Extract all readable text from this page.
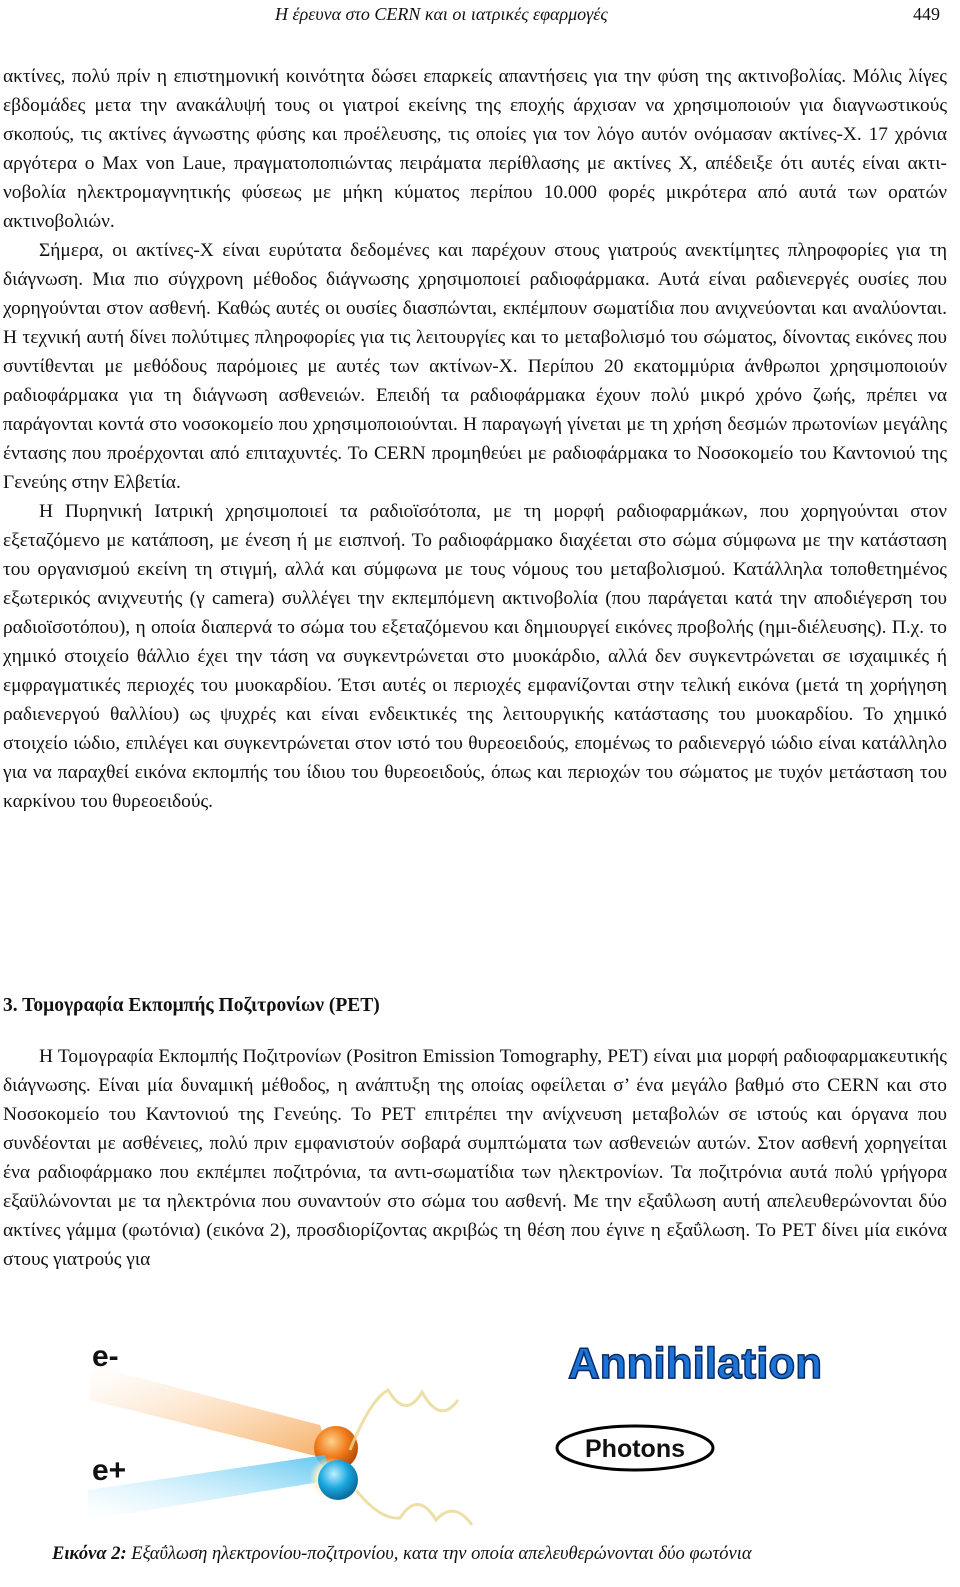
Η έρευνα στο CERN και οι ιατρικές εφαρμογές	449

ακτίνες, πολύ πρίν η επιστημονική κοινότητα δώσει επαρκείς απαντήσεις για την φύση της ακτινοβολίας. Μόλις λίγες εβδομάδες μετα την ανακάλυψή τους οι γιατροί εκείνης της εποχής άρχισαν να χρησιμοποιούν για διαγνωστικούς σκοπούς, τις ακτίνες άγνωστης φύσης και προέλευσης, τις οποίες για τον λόγο αυτόν ονόμασαν ακτίνες-Χ. 17 χρόνια αργότερα ο Max von Laue, πραγματοποπιώντας πειράματα περίθλασης με ακτίνες Χ, απέδειξε ότι αυτές είναι ακτινοβολία ηλεκτρομαγνητικής φύσεως με μήκη κύματος περίπου 10.000 φορές μικρότερα από αυτά των ορατών ακτινοβολιών.

Σήμερα, οι ακτίνες-Χ είναι ευρύτατα δεδομένες και παρέχουν στους γιατρούς ανεκτίμητες πληροφορίες για τη διάγνωση. Μια πιο σύγχρονη μέθοδος διάγνωσης χρησιμοποιεί ραδιοφάρμακα. Αυτά είναι ραδιενεργές ουσίες που χορηγούνται στον ασθενή. Καθώς αυτές οι ουσίες διασπώνται, εκπέμπουν σωματίδια που ανιχνεύονται και αναλύονται. Η τεχνική αυτή δίνει πολύτιμες πληροφορίες για τις λειτουργίες και το μεταβολισμό του σώματος, δίνοντας εικόνες που συντίθενται με μεθόδους παρόμοιες με αυτές των ακτίνων-Χ. Περίπου 20 εκατομμύρια άνθρωποι χρησιμοποιούν ραδιοφάρμακα για τη διάγνωση ασθενειών. Επειδή τα ραδιοφάρμακα έχουν πολύ μικρό χρόνο ζωής, πρέπει να παράγονται κοντά στο νοσοκομείο που χρησιμοποιούνται. Η παραγωγή γίνεται με τη χρήση δεσμών πρωτονίων μεγάλης έντασης που προέρχονται από επιταχυντές. Το CERN προμηθεύει με ραδιοφάρμακα το Νοσοκομείο του Καντονιού της Γενεύης στην Ελβετία.

Η Πυρηνική Ιατρική χρησιμοποιεί τα ραδιοϊσότοπα, με τη μορφή ραδιοφαρμάκων, που χορηγούνται στον εξεταζόμενο με κατάποση, με ένεση ή με εισπνοή. Το ραδιοφάρμακο διαχέεται στο σώμα σύμφωνα με την κατάσταση του οργανισμού εκείνη τη στιγμή, αλλά και σύμφωνα με τους νόμους του μεταβολισμού. Κατάλληλα τοποθετημένος εξωτερικός ανιχνευτής (γ camera) συλλέγει την εκπεμπόμενη ακτινοβολία (που παράγεται κατά την αποδιέγερση του ραδιοϊσοτόπου), η οποία διαπερνά το σώμα του εξεταζόμενου και δημιουργεί εικόνες προβολής (ημι-διέλευσης). Π.χ. το χημικό στοιχείο θάλλιο έχει την τάση να συγκεντρώνεται στο μυοκάρδιο, αλλά δεν συγκεντρώνεται σε ισχαιμικές ή εμφραγματικές περιοχές του μυοκαρδίου. Έτσι αυτές οι περιοχές εμφανίζονται στην τελική εικόνα (μετά τη χορήγηση ραδιενεργού θαλλίου) ως ψυχρές και είναι ενδεικτικές της λειτουργικής κατάστασης του μυοκαρδίου. Το χημικό στοιχείο ιώδιο, επιλέγει και συγκεντρώνεται στον ιστό του θυρεοειδούς, επομένως το ραδιενεργό ιώδιο είναι κατάλληλο για να παραχθεί εικόνα εκπομπής του ίδιου του θυρεοειδούς, όπως και περιοχών του σώματος με τυχόν μετάσταση του καρκίνου του θυρεοειδούς.

3. Τομογραφία Εκπομπής Ποζιτρονίων (PET)

Η Τομογραφία Εκπομπής Ποζιτρονίων (Positron Emission Tomography, PET) είναι μια μορφή ραδιοφαρμακευτικής διάγνωσης. Είναι μία δυναμική μέθοδος, η ανάπτυξη της οποίας οφείλεται σ’ ένα μεγάλο βαθμό στο CERN και στο Νοσοκομείο του Καντονιού της Γενεύης. Το PET επιτρέπει την ανίχνευση μεταβολών σε ιστούς και όργανα που συνδέονται με ασθένειες, πολύ πριν εμφανιστούν σοβαρά συμπτώματα των ασθενειών αυτών. Στον ασθενή χορηγείται ένα ραδιοφάρμακο που εκπέμπει ποζιτρόνια, τα αντι-σωματίδια των ηλεκτρονίων. Τα ποζιτρόνια αυτά πολύ γρήγορα εξαϋλώνονται με τα ηλεκτρόνια που συναντούν στο σώμα του ασθενή. Με την εξαΰλωση αυτή απελευθερώνονται δύο ακτίνες γάμμα (φωτόνια) (εικόνα 2), προσδιορίζοντας ακριβώς τη θέση που έγινε η εξαΰλωση. Το PET δίνει μία εικόνα στους γιατρούς για

e-
e+
Annihilation
Photons
Εικόνα 2: Εξαΰλωση ηλεκτρονίου-ποζιτρονίου, κατα την οποία απελευθερώνονται δύο φωτόνια
